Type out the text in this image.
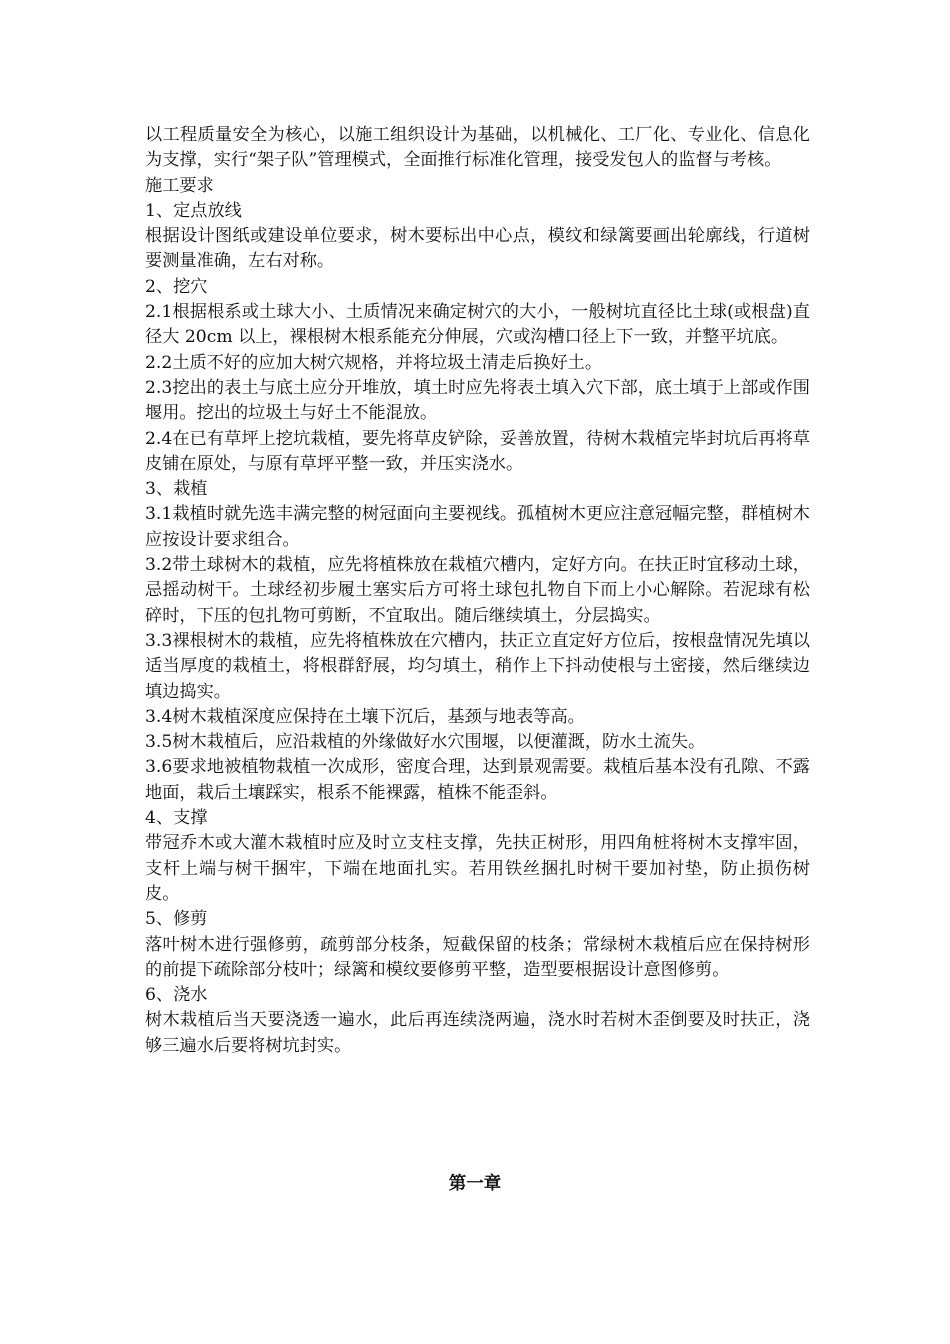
以工程质量安全为核心，以施工组织设计为基础，以机械化、工厂化、专业化、信息化为支撑，实行“架子队”管理模式，全面推行标准化管理，接受发包人的监督与考核。

施工要求

1、定点放线

根据设计图纸或建设单位要求，树木要标出中心点，模纹和绿篱要画出轮廓线，行道树要测量准确，左右对称。

2、挖穴

2.1根据根系或土球大小、土质情况来确定树穴的大小，一般树坑直径比土球(或根盘)直径大 20cm 以上，裸根树木根系能充分伸展，穴或沟槽口径上下一致，并整平坑底。

2.2土质不好的应加大树穴规格，并将垃圾土清走后换好土。

2.3挖出的表土与底土应分开堆放，填土时应先将表土填入穴下部，底土填于上部或作围堰用。挖出的垃圾土与好土不能混放。

2.4在已有草坪上挖坑栽植，要先将草皮铲除，妥善放置，待树木栽植完毕封坑后再将草皮铺在原处，与原有草坪平整一致，并压实浇水。

3、栽植

3.1栽植时就先选丰满完整的树冠面向主要视线。孤植树木更应注意冠幅完整，群植树木应按设计要求组合。

3.2带土球树木的栽植，应先将植株放在栽植穴槽内，定好方向。在扶正时宜移动土球，忌摇动树干。土球经初步履土塞实后方可将土球包扎物自下而上小心解除。若泥球有松碎时，下压的包扎物可剪断，不宜取出。随后继续填土，分层捣实。

3.3裸根树木的栽植，应先将植株放在穴槽内，扶正立直定好方位后，按根盘情况先填以适当厚度的栽植土，将根群舒展，均匀填土，稍作上下抖动使根与土密接，然后继续边填边捣实。

3.4树木栽植深度应保持在土壤下沉后，基颈与地表等高。

3.5树木栽植后，应沿栽植的外缘做好水穴围堰，以便灌溉，防水土流失。

3.6要求地被植物栽植一次成形，密度合理，达到景观需要。栽植后基本没有孔隙、不露地面，栽后土壤踩实，根系不能裸露，植株不能歪斜。

4、支撑

带冠乔木或大灌木栽植时应及时立支柱支撑，先扶正树形，用四角桩将树木支撑牢固，支杆上端与树干捆牢，下端在地面扎实。若用铁丝捆扎时树干要加衬垫，防止损伤树皮。

5、修剪

落叶树木进行强修剪，疏剪部分枝条，短截保留的枝条；常绿树木栽植后应在保持树形的前提下疏除部分枝叶；绿篱和模纹要修剪平整，造型要根据设计意图修剪。

6、浇水

树木栽植后当天要浇透一遍水，此后再连续浇两遍，浇水时若树木歪倒要及时扶正，浇够三遍水后要将树坑封实。

第一章
